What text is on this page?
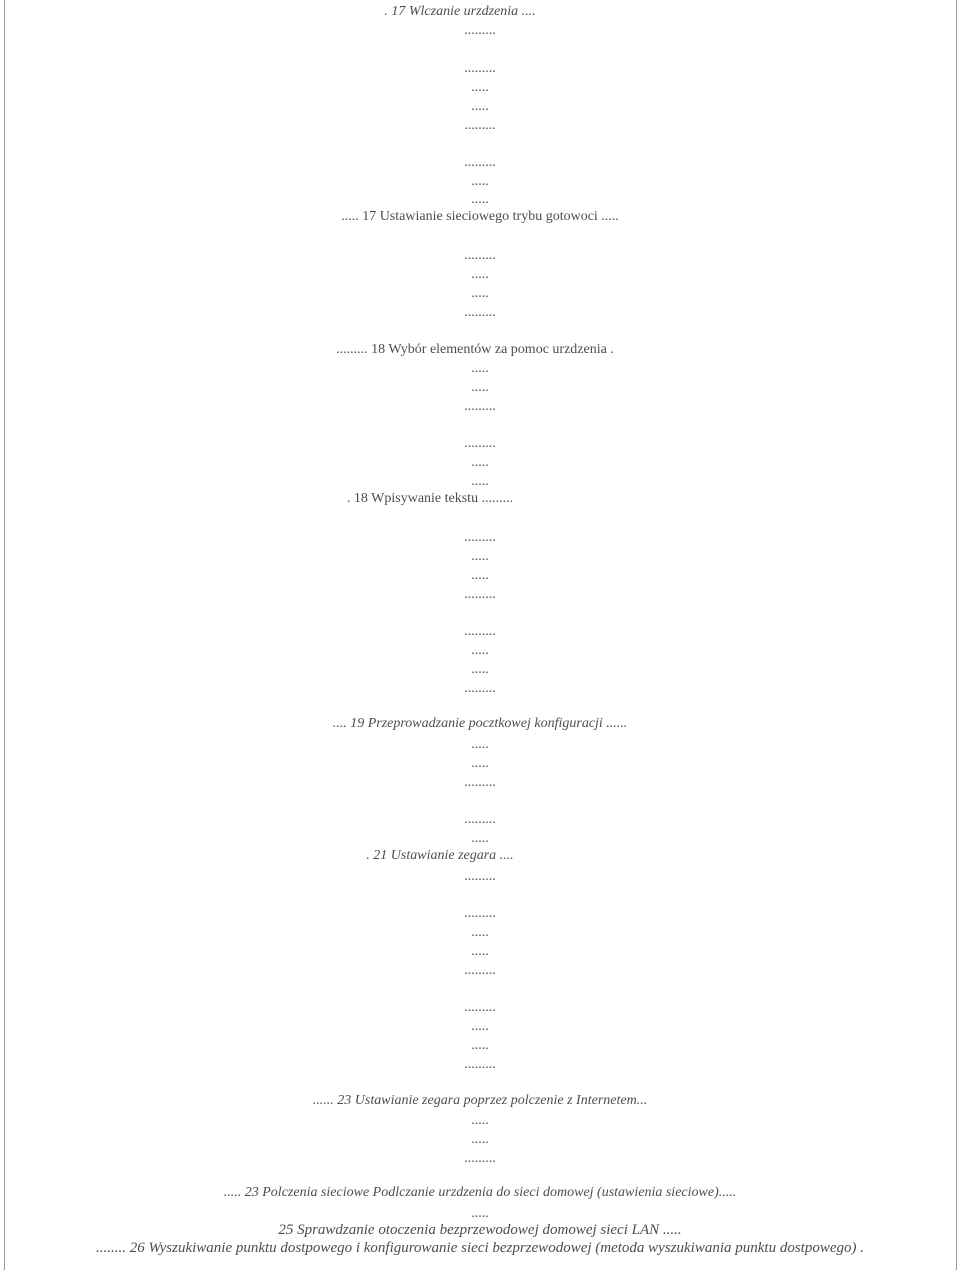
. 17 Wlczanie urzdzenia ....
.........
.........
.....
.....
.........
.........
.....
.....
..... 17 Ustawianie sieciowego trybu gotowoci .....
.........
.....
.....
.........
......... 18 Wybór elementów za pomoc urzdzenia .
.....
.....
.........
.........
.....
.....
. 18 Wpisywanie tekstu .........
.........
.....
.....
.........
.........
.....
.....
.........
.... 19 Przeprowadzanie pocztkowej konfiguracji ......
.....
.....
.........
.........
.....
. 21 Ustawianie zegara ....
.........
.........
.....
.....
.........
.........
.....
.....
.........
...... 23 Ustawianie zegara poprzez polczenie z Internetem...
.....
.....
.........
..... 23 Polczenia sieciowe Podlczanie urzdzenia do sieci domowej (ustawienia sieciowe).....
.....
25 Sprawdzanie otoczenia bezprzewodowej domowej sieci LAN .....
........ 26 Wyszukiwanie punktu dostpowego i konfigurowanie sieci bezprzewodowej (metoda wyszukiwania punktu dostpowego) .
